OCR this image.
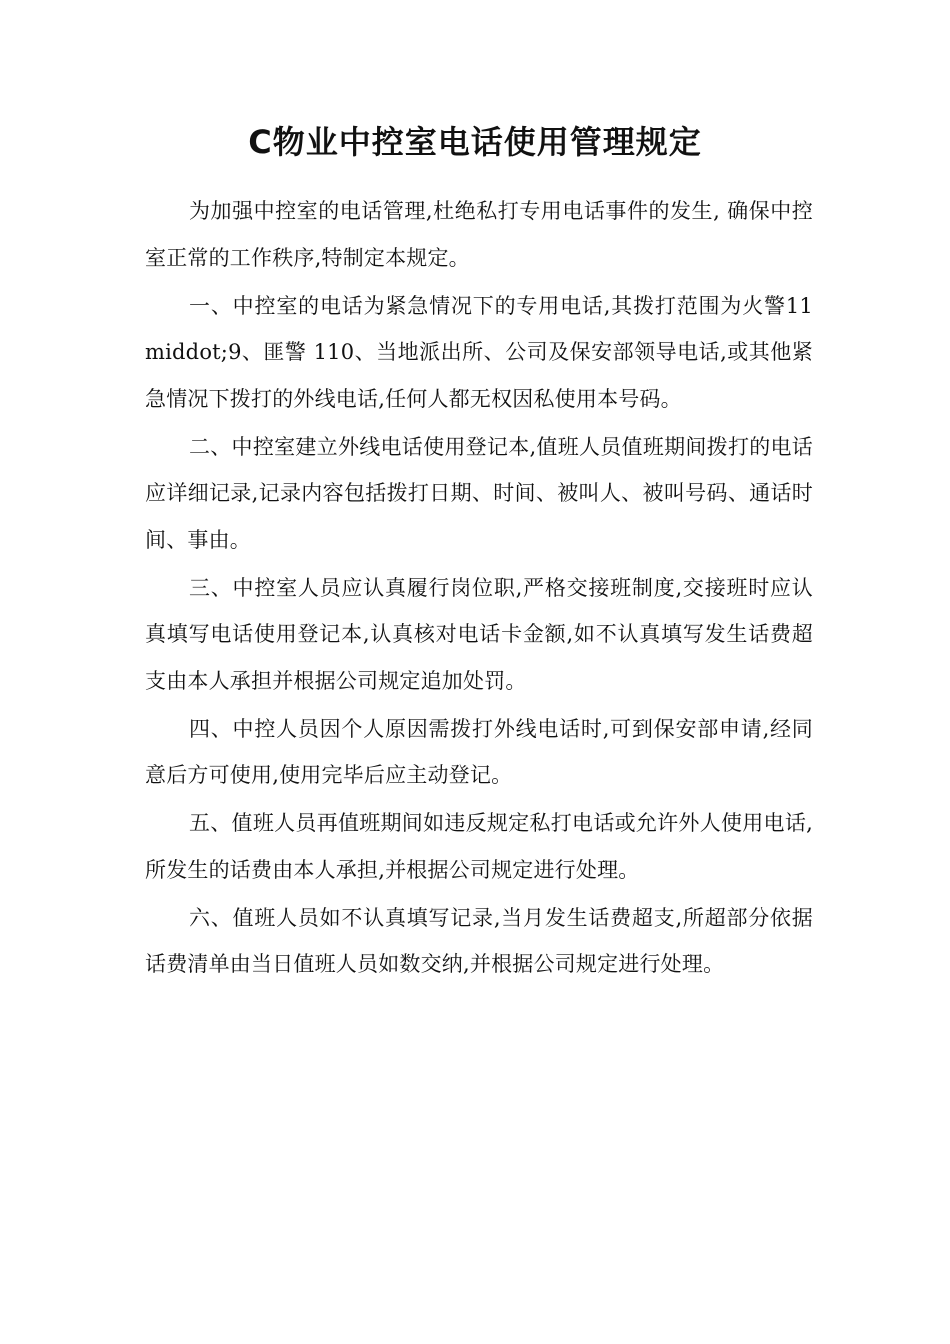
C物业中控室电话使用管理规定

为加强中控室的电话管理,杜绝私打专用电话事件的发生, 确保中控室正常的工作秩序,特制定本规定。

一、中控室的电话为紧急情况下的专用电话,其拨打范围为火警11middot;9、匪警 110、当地派出所、公司及保安部领导电话,或其他紧急情况下拨打的外线电话,任何人都无权因私使用本号码。

二、中控室建立外线电话使用登记本,值班人员值班期间拨打的电话应详细记录,记录内容包括拨打日期、时间、被叫人、被叫号码、通话时间、事由。

三、中控室人员应认真履行岗位职,严格交接班制度,交接班时应认真填写电话使用登记本,认真核对电话卡金额,如不认真填写发生话费超支由本人承担并根据公司规定追加处罚。

四、中控人员因个人原因需拨打外线电话时,可到保安部申请,经同意后方可使用,使用完毕后应主动登记。

五、值班人员再值班期间如违反规定私打电话或允许外人使用电话,所发生的话费由本人承担,并根据公司规定进行处理。

六、值班人员如不认真填写记录,当月发生话费超支,所超部分依据话费清单由当日值班人员如数交纳,并根据公司规定进行处理。
